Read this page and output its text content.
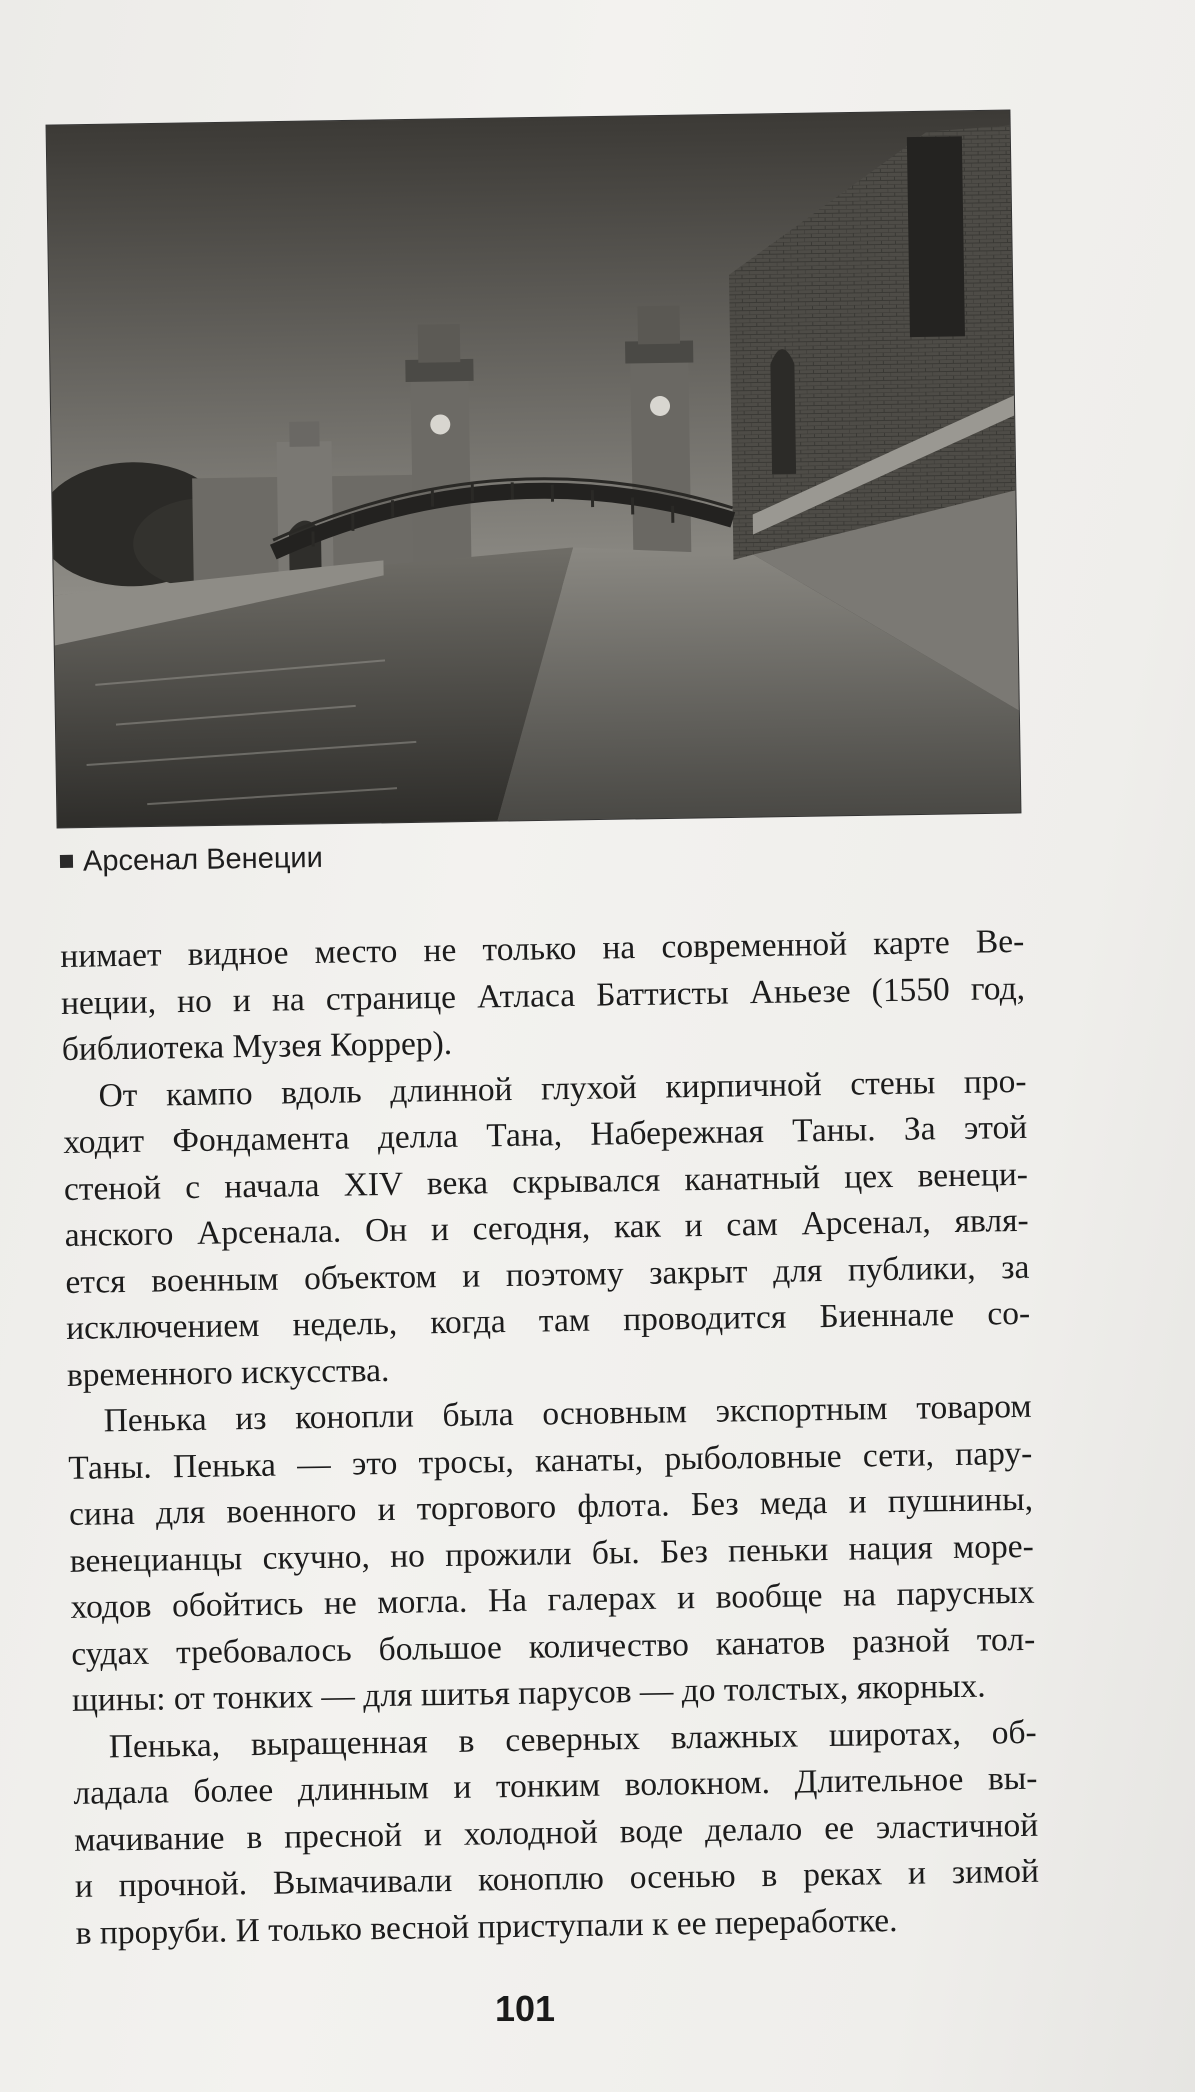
Арсенал Венеции
нимает видное место не только на современной карте Ве-
неции, но и на странице Атласа Баттисты Аньезе (1550 год,
библиотека Музея Коррер).
От кампо вдоль длинной глухой кирпичной стены про-
ходит Фондамента делла Тана, Набережная Таны. За этой
стеной с начала XIV века скрывался канатный цех венеци-
анского Арсенала. Он и сегодня, как и сам Арсенал, явля-
ется военным объектом и поэтому закрыт для публики, за
исключением недель, когда там проводится Биеннале со-
временного искусства.
Пенька из конопли была основным экспортным товаром
Таны. Пенька — это тросы, канаты, рыболовные сети, пару-
сина для военного и торгового флота. Без меда и пушнины,
венецианцы скучно, но прожили бы. Без пеньки нация море-
ходов обойтись не могла. На галерах и вообще на парусных
судах требовалось большое количество канатов разной тол-
щины: от тонких — для шитья парусов — до толстых, якорных.
Пенька, выращенная в северных влажных широтах, об-
ладала более длинным и тонким волокном. Длительное вы-
мачивание в пресной и холодной воде делало ее эластичной
и прочной. Вымачивали коноплю осенью в реках и зимой
в проруби. И только весной приступали к ее переработке.
101
